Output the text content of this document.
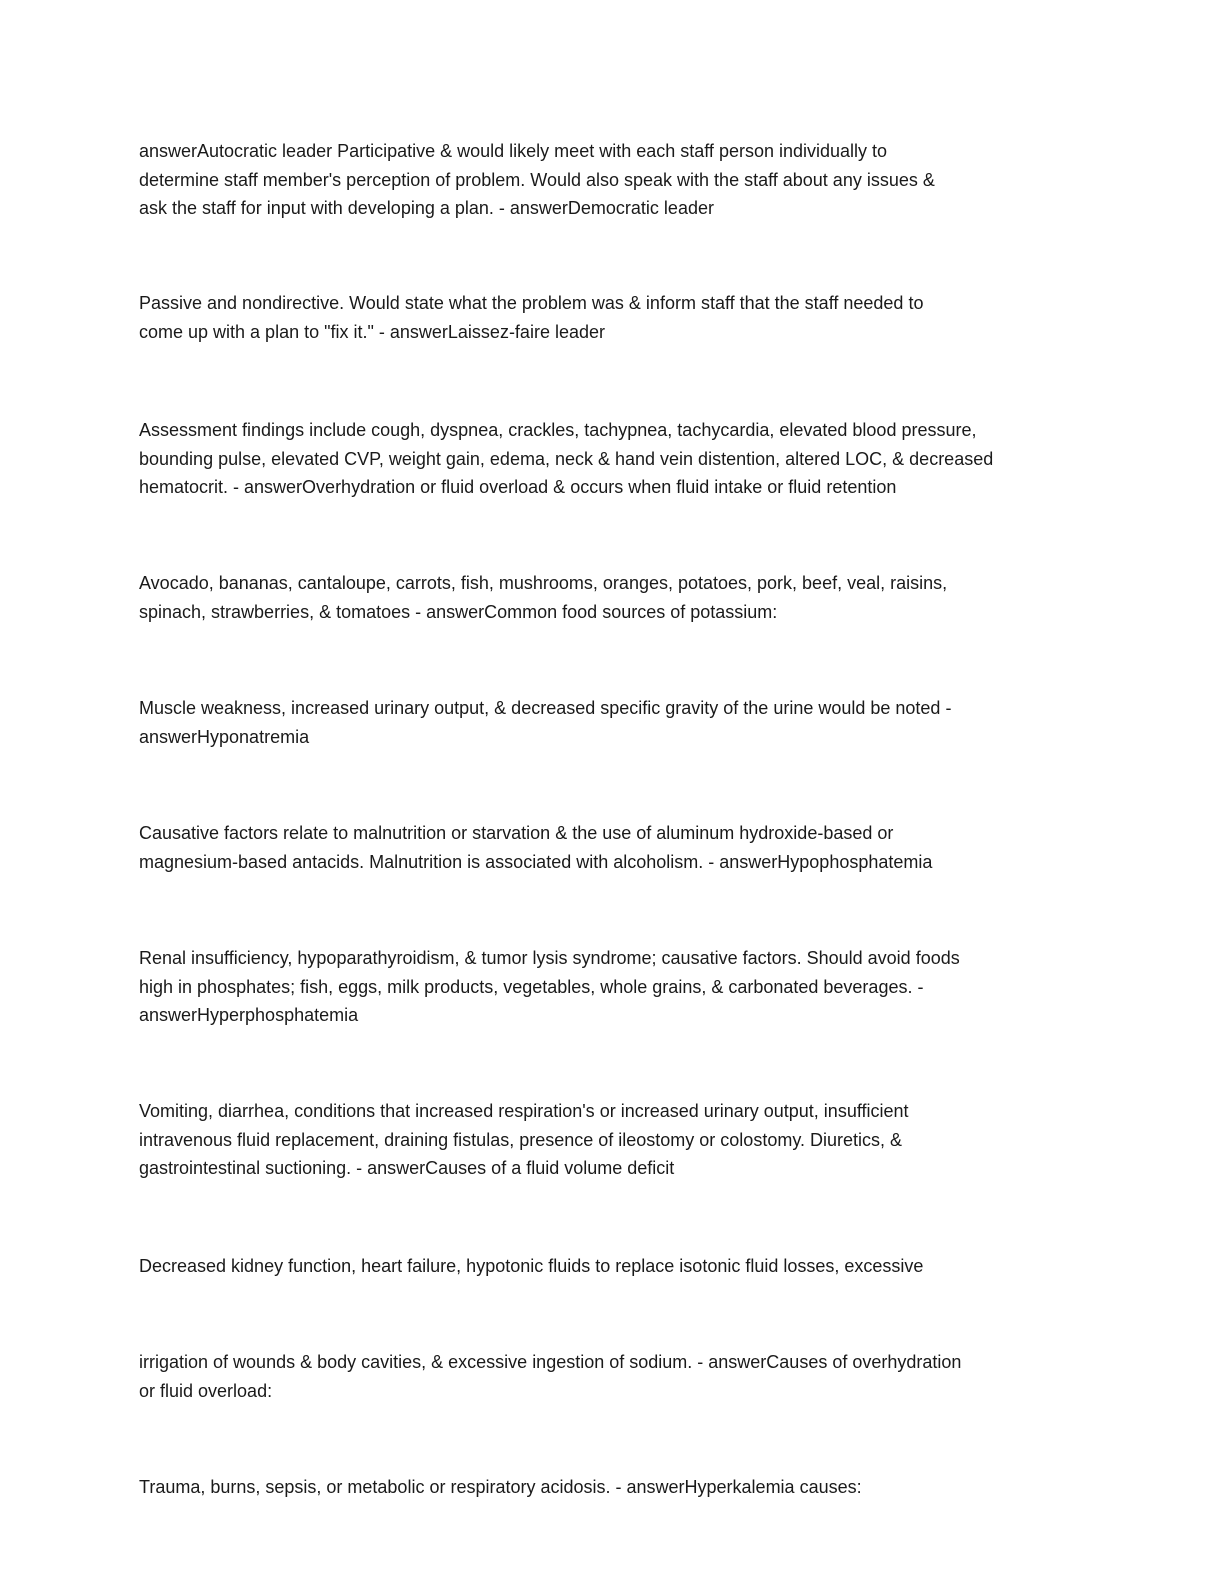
answerAutocratic leader Participative & would likely meet with each staff person individually to
determine staff member's perception of problem. Would also speak with the staff about any issues &
ask the staff for input with developing a plan. - answerDemocratic leader

Passive and nondirective. Would state what the problem was & inform staff that the staff needed to
come up with a plan to "fix it." - answerLaissez-faire leader

Assessment findings include cough, dyspnea, crackles, tachypnea, tachycardia, elevated blood pressure,
bounding pulse, elevated CVP, weight gain, edema, neck & hand vein distention, altered LOC, & decreased
hematocrit. - answerOverhydration or fluid overload & occurs when fluid intake or fluid retention

Avocado, bananas, cantaloupe, carrots, fish, mushrooms, oranges, potatoes, pork, beef, veal, raisins,
spinach, strawberries, & tomatoes - answerCommon food sources of potassium:

Muscle weakness, increased urinary output, & decreased specific gravity of the urine would be noted -
answerHyponatremia

Causative factors relate to malnutrition or starvation & the use of aluminum hydroxide-based or
magnesium-based antacids. Malnutrition is associated with alcoholism. - answerHypophosphatemia

Renal insufficiency, hypoparathyroidism, & tumor lysis syndrome; causative factors. Should avoid foods
high in phosphates; fish, eggs, milk products, vegetables, whole grains, & carbonated beverages. -
answerHyperphosphatemia

Vomiting, diarrhea, conditions that increased respiration's or increased urinary output, insufficient
intravenous fluid replacement, draining fistulas, presence of ileostomy or colostomy. Diuretics, &
gastrointestinal suctioning. - answerCauses of a fluid volume deficit

Decreased kidney function, heart failure, hypotonic fluids to replace isotonic fluid losses, excessive

irrigation of wounds & body cavities, & excessive ingestion of sodium. - answerCauses of overhydration
or fluid overload:

Trauma, burns, sepsis, or metabolic or respiratory acidosis. - answerHyperkalemia causes:
